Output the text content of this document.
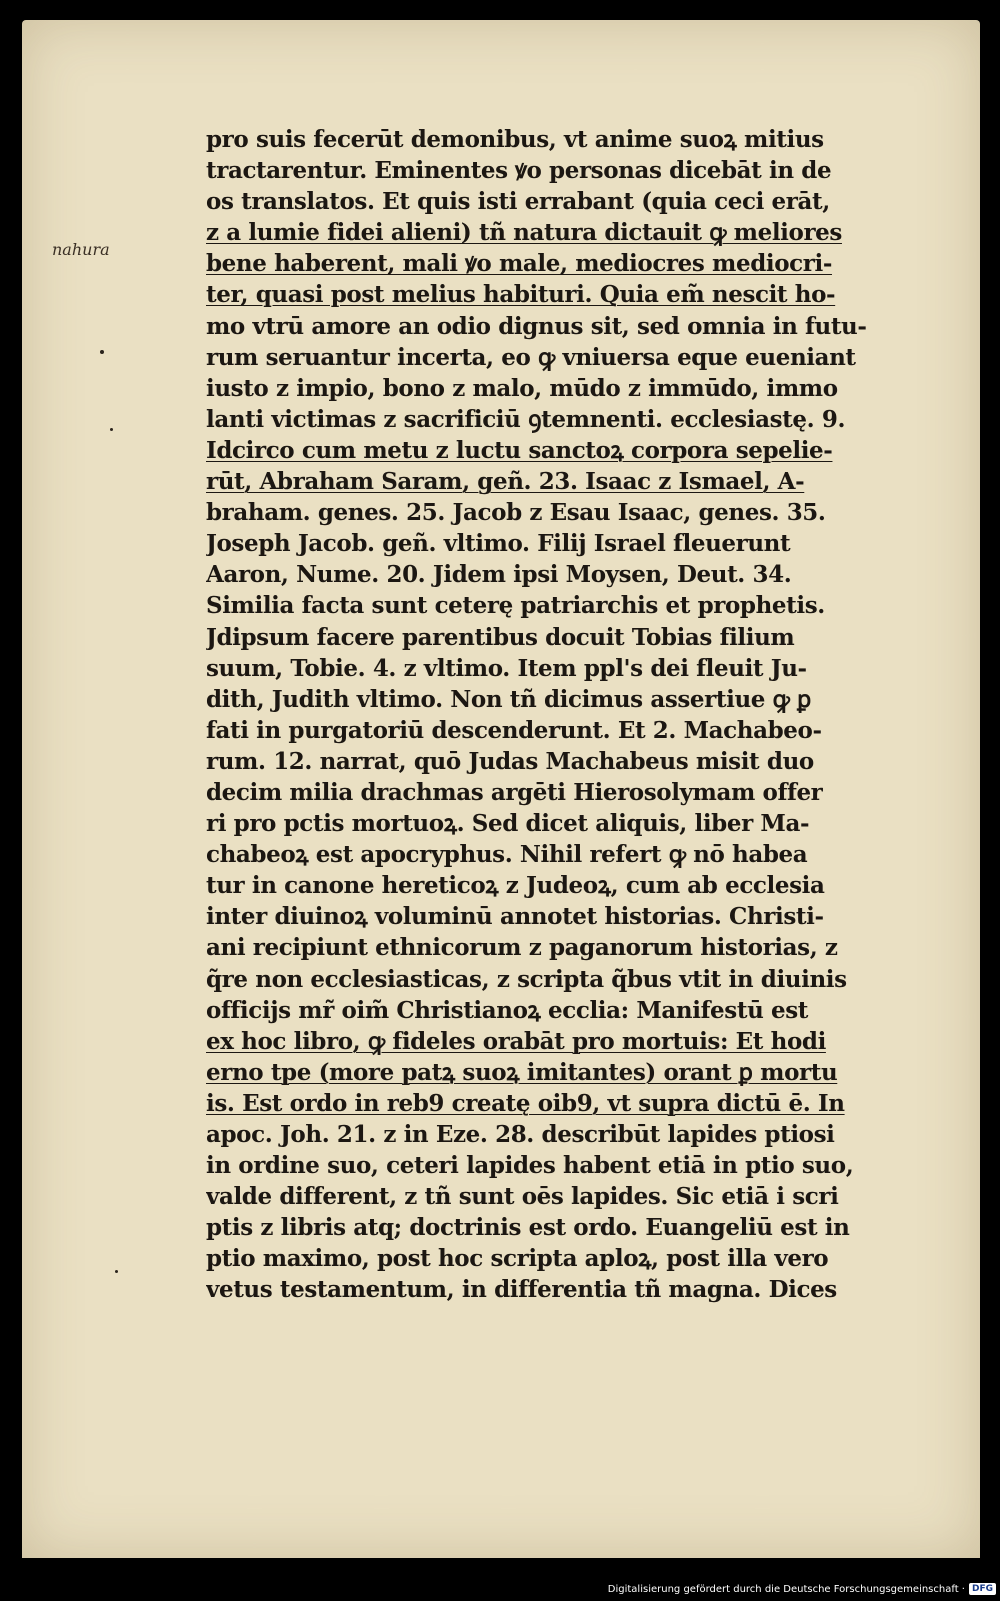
nahura
pro suis fecerūt demonibus, vt anime suoꝝ mitius
tractarentur. Eminentes ꝟo personas dicebāt in de
os translatos. Et quis isti errabant (quia ceci erāt,
z a lumie fidei alieni) tñ natura dictauit ꝙ meliores
bene haberent, mali ꝟo male, mediocres mediocri-
ter, quasi post melius habituri. Quia em̃ nescit ho-
mo vtrū amore an odio dignus sit, sed omnia in futu-
rum seruantur incerta, eo ꝙ vniuersa eque eueniant
iusto z impio, bono z malo, mūdo z immūdo, immo
lanti victimas z sacrificiū ꝯtemnenti. ecclesiastę. 9.
Idcirco cum metu z luctu sanctoꝝ corpora sepelie-
rūt, Abraham Saram, geñ. 23. Isaac z Ismael, A-
braham. genes. 25. Jacob z Esau Isaac, genes. 35.
Joseph Jacob. geñ. vltimo. Filij Israel fleuerunt
Aaron, Nume. 20. Jidem ipsi Moysen, Deut. 34.
Similia facta sunt ceterę patriarchis et prophetis.
Jdipsum facere parentibus docuit Tobias filium
suum, Tobie. 4. z vltimo. Item ppl's dei fleuit Ju-
dith, Judith vltimo. Non tñ dicimus assertiue ꝙ ꝑ
fati in purgatoriū descenderunt. Et 2. Machabeo-
rum. 12. narrat, quō Judas Machabeus misit duo
decim milia drachmas argēti Hierosolymam offer
ri pro pctis mortuoꝝ. Sed dicet aliquis, liber Ma-
chabeoꝝ est apocryphus. Nihil refert ꝙ nō habea
tur in canone hereticoꝝ z Judeoꝝ, cum ab ecclesia
inter diuinoꝝ voluminū annotet historias. Christi-
ani recipiunt ethnicorum z paganorum historias, z
q̃re non ecclesiasticas, z scripta q̃bus vtit in diuinis
officijs mr̃ oim̃ Christianoꝝ ecclia: Manifestū est
ex hoc libro, ꝙ fideles orabāt pro mortuis: Et hodi
erno tpe (more patꝝ suoꝝ imitantes) orant ꝑ mortu
is. Est ordo in reb9 creatę oib9, vt supra dictū ē. In
apoc. Joh. 21. z in Eze. 28. describūt lapides ptiosi
in ordine suo, ceteri lapides habent etiā in ptio suo,
valde different, z tñ sunt oēs lapides. Sic etiā i scri
ptis z libris atq; doctrinis est ordo. Euangeliū est in
ptio maximo, post hoc scripta aploꝝ, post illa vero
vetus testamentum, in differentia tñ magna. Dices
Digitalisierung gefördert durch die Deutsche Forschungsgemeinschaft · DFG
